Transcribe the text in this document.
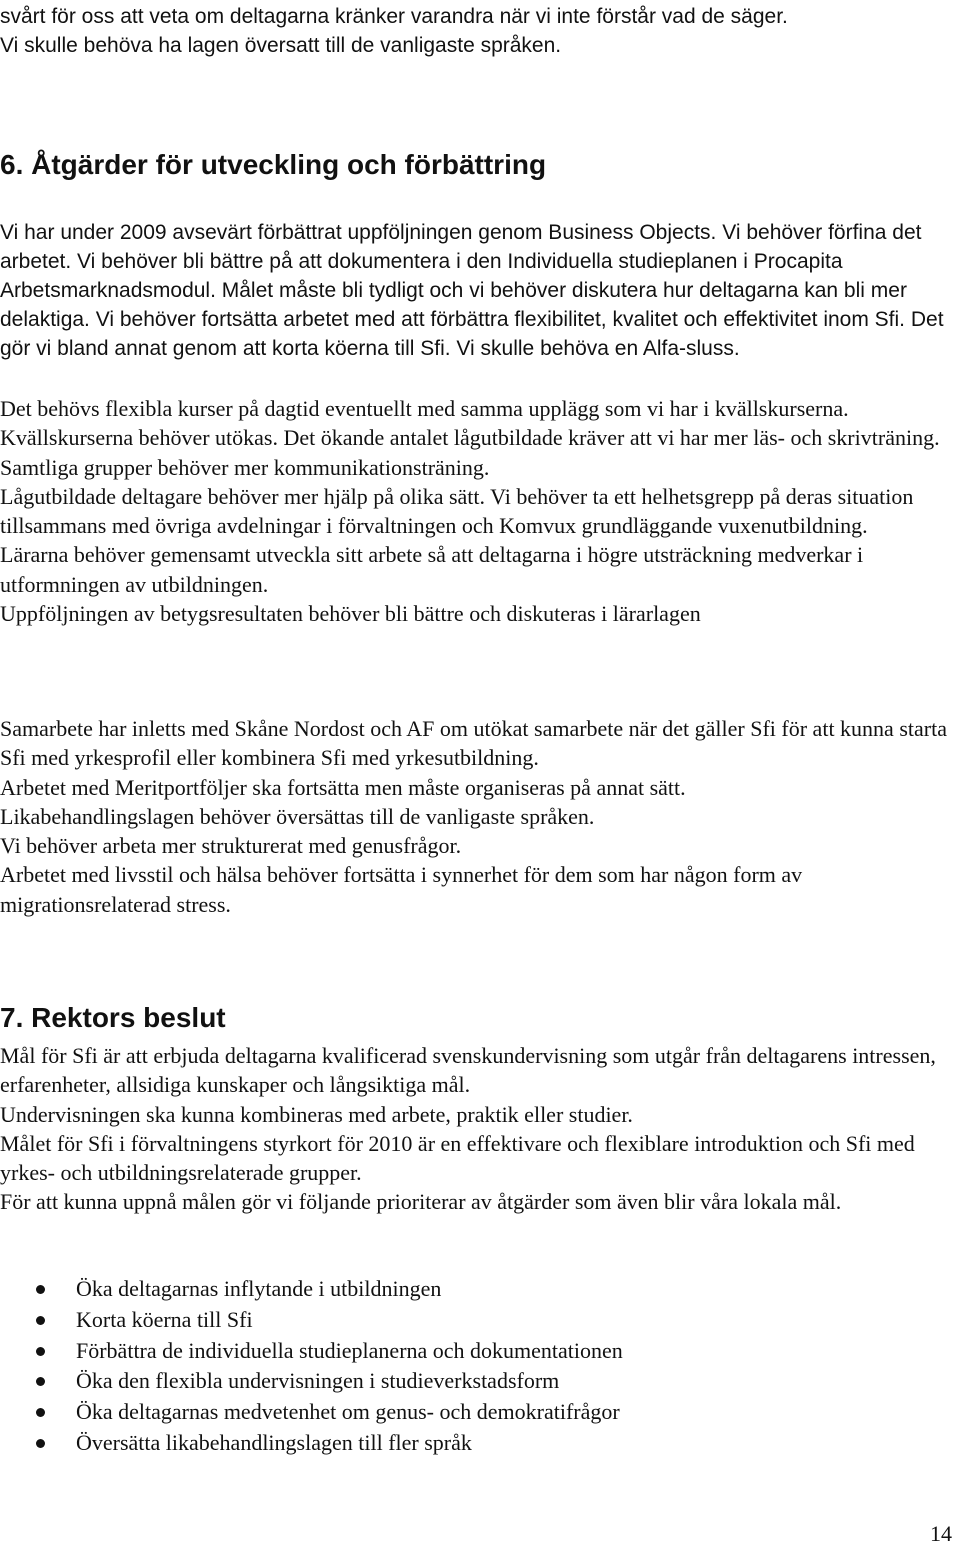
svårt för oss att veta om deltagarna kränker varandra när vi inte förstår vad de säger.

Vi skulle behöva ha lagen översatt till de vanligaste språken.

6. Åtgärder för utveckling och förbättring

Vi har under 2009 avsevärt förbättrat uppföljningen genom Business Objects. Vi behöver förfina det arbetet. Vi behöver bli bättre på att dokumentera i den Individuella studieplanen i Procapita Arbetsmarknadsmodul. Målet måste bli tydligt och vi behöver diskutera hur deltagarna kan bli mer delaktiga. Vi behöver fortsätta arbetet med att förbättra flexibilitet, kvalitet och effektivitet inom Sfi. Det gör vi bland annat genom att korta köerna till Sfi. Vi skulle behöva en Alfa-sluss.

Det behövs flexibla kurser på dagtid eventuellt med samma upplägg som vi har i kvällskurserna. Kvällskurserna behöver utökas. Det ökande antalet lågutbildade kräver att vi har mer läs- och skrivträning. Samtliga grupper behöver mer kommunikationsträning.

Lågutbildade deltagare behöver mer hjälp på olika sätt. Vi behöver ta ett helhetsgrepp på deras situation tillsammans med övriga avdelningar i förvaltningen och Komvux grundläggande vuxenutbildning.

Lärarna behöver gemensamt utveckla sitt arbete så att deltagarna i högre utsträckning medverkar i utformningen av utbildningen.

Uppföljningen av betygsresultaten behöver bli bättre och diskuteras i lärarlagen

Samarbete har inletts med Skåne Nordost och AF om utökat samarbete när det gäller Sfi för att kunna starta Sfi med yrkesprofil eller kombinera Sfi med yrkesutbildning.

Arbetet med Meritportföljer ska fortsätta men måste organiseras på annat sätt.

Likabehandlingslagen behöver översättas till de vanligaste språken.

Vi behöver arbeta mer strukturerat med genusfrågor.

Arbetet med livsstil och hälsa behöver fortsätta i synnerhet för dem som har någon form av migrationsrelaterad stress.

7. Rektors beslut

Mål för Sfi är att erbjuda deltagarna kvalificerad svenskundervisning som utgår från deltagarens intressen, erfarenheter, allsidiga kunskaper och långsiktiga mål.

Undervisningen ska kunna kombineras med arbete, praktik eller studier.

Målet för Sfi i förvaltningens styrkort för 2010 är en effektivare och flexiblare introduktion och Sfi med yrkes- och utbildningsrelaterade grupper.

För att kunna uppnå målen gör vi följande prioriterar av åtgärder som även blir våra lokala mål.

Öka deltagarnas inflytande i utbildningen
Korta köerna till Sfi
Förbättra de individuella studieplanerna och dokumentationen
Öka den flexibla undervisningen i studieverkstadsform
Öka deltagarnas medvetenhet om genus- och demokratifrågor
Översätta likabehandlingslagen till fler språk
14
